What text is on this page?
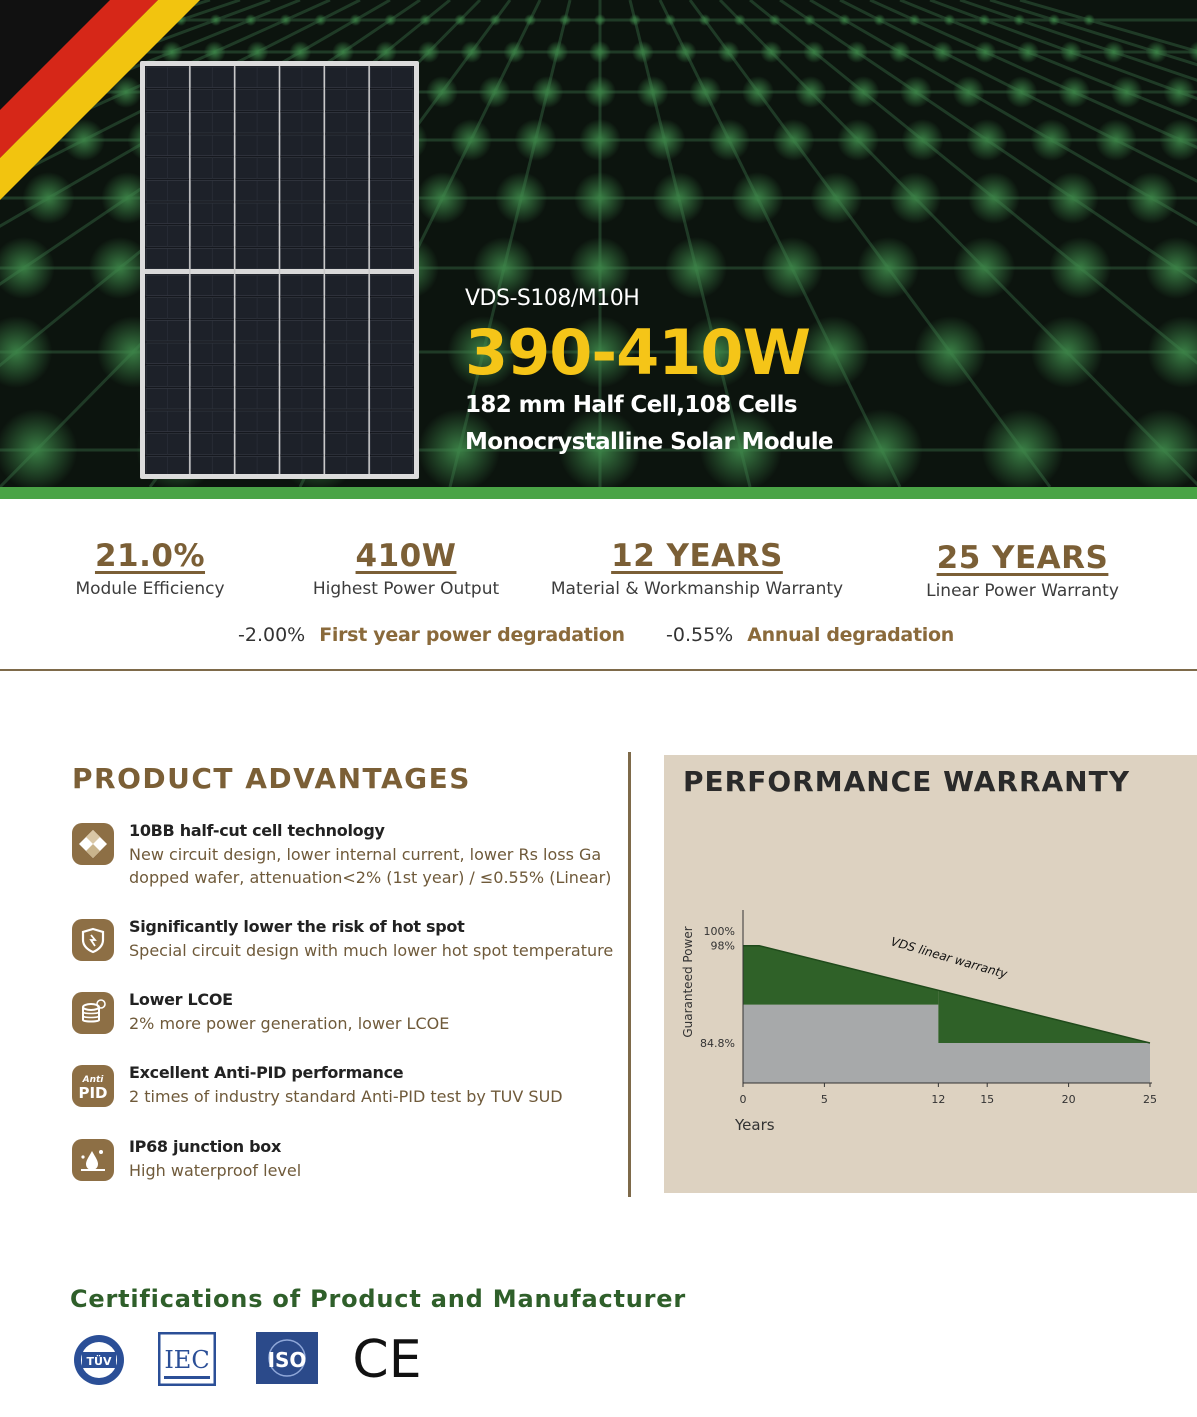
VDS-S108/M10H
390-410W
182 mm Half Cell,108 Cells
Monocrystalline Solar Module
21.0%
Module Efficiency
410W
Highest Power Output
12 YEARS
Material & Workmanship Warranty
25 YEARS
Linear Power Warranty
-2.00% First year power degradation -0.55% Annual degradation
PRODUCT ADVANTAGES
10BB half-cut cell technology
New circuit design, lower internal current, lower Rs loss Ga dopped wafer, attenuation<2% (1st year) / ≤0.55% (Linear)
Significantly lower the risk of hot spot
Special circuit design with much lower hot spot temperature
Lower LCOE
2% more power generation, lower LCOE
Anti
PID
Excellent Anti-PID performance
2 times of industry standard Anti-PID test by TUV SUD
IP68 junction box
High waterproof level
PERFORMANCE WARRANTY
0	5	12	15	20	25
100%
98%
84.8%
Guaranteed Power
Years
VDS linear warranty
Certifications of Product and Manufacturer
TÜV IEC	ISO CE
